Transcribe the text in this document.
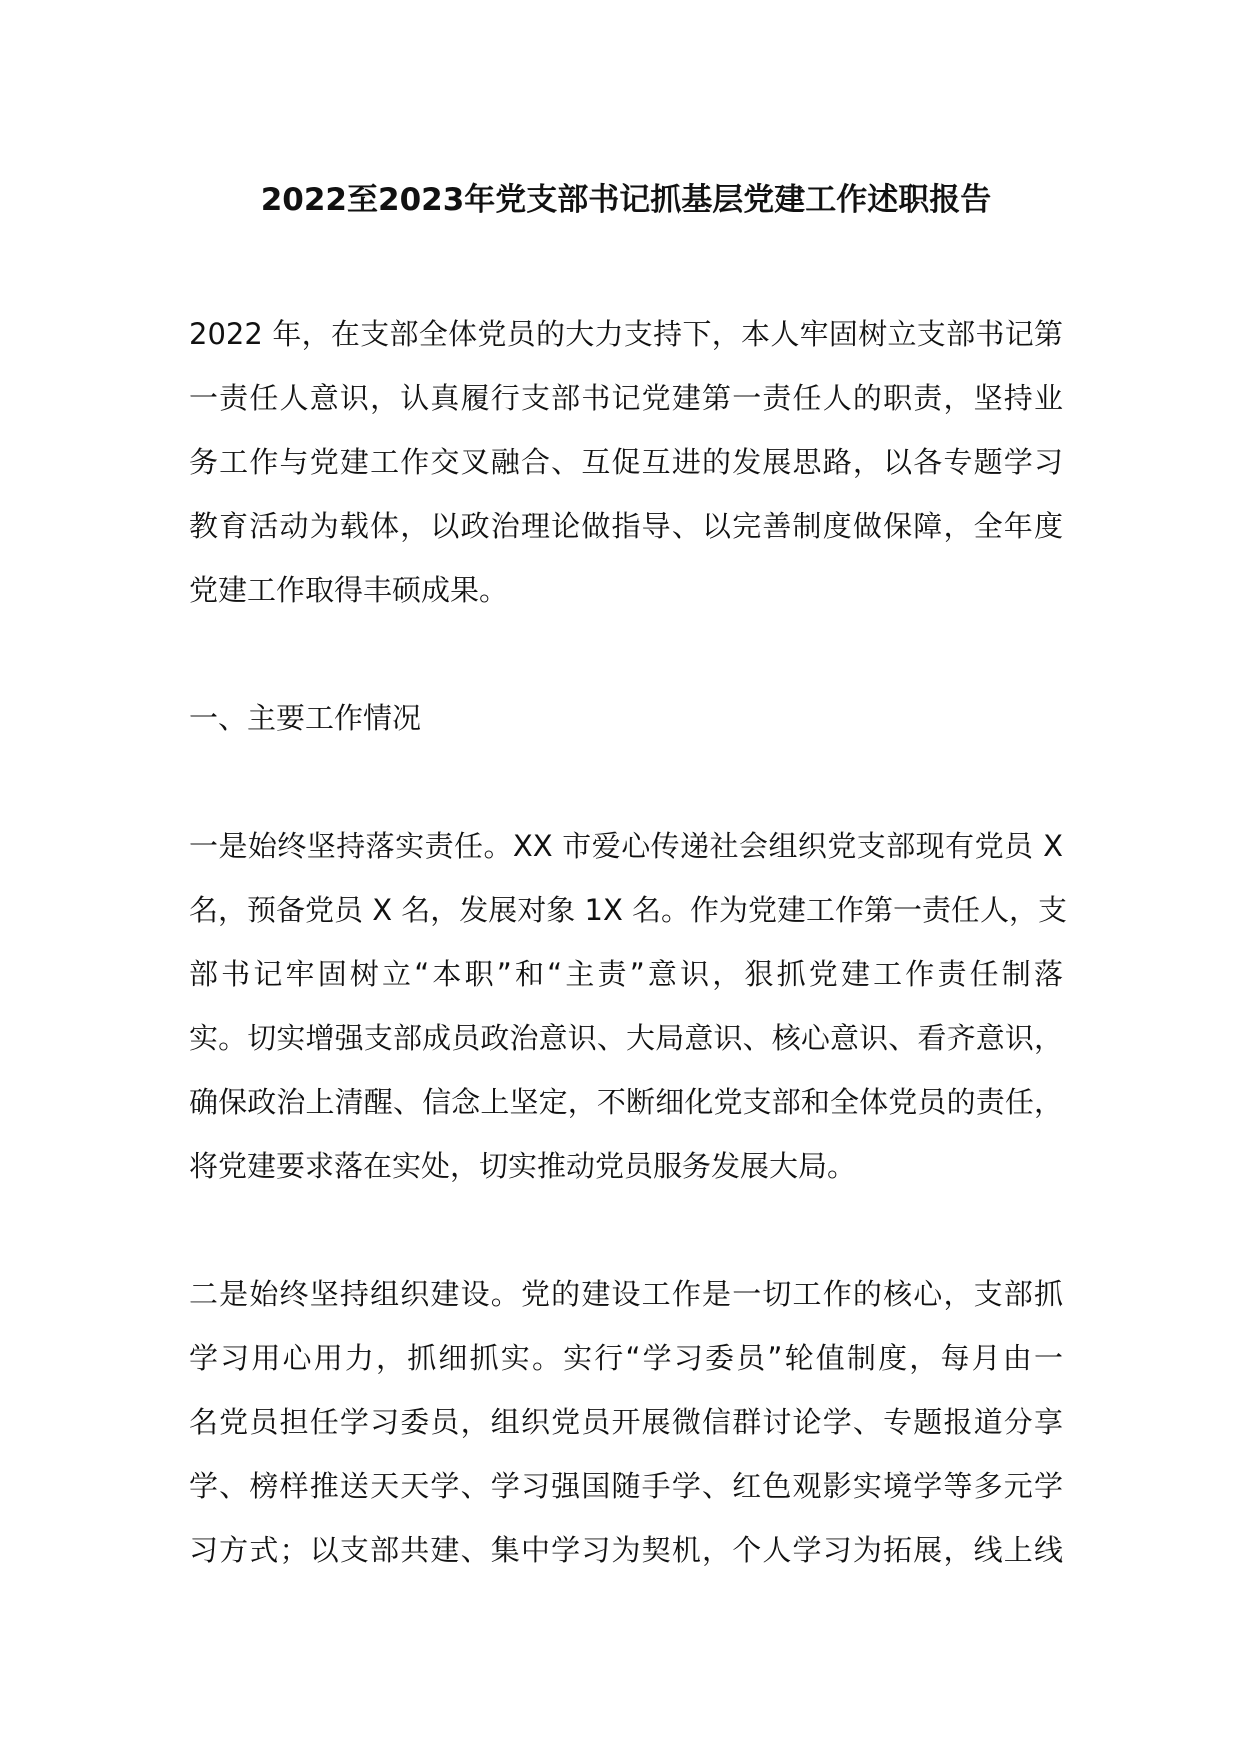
2022至2023年党支部书记抓基层党建工作述职报告
2022 年，在支部全体党员的大力支持下，本人牢固树立支部书记第
一责任人意识，认真履行支部书记党建第一责任人的职责，坚持业
务工作与党建工作交叉融合、互促互进的发展思路，以各专题学习
教育活动为载体，以政治理论做指导、以完善制度做保障，全年度
党建工作取得丰硕成果。
一、主要工作情况
一是始终坚持落实责任。XX 市爱心传递社会组织党支部现有党员 X
名，预备党员 X 名，发展对象 1X 名。作为党建工作第一责任人，支
部书记牢固树立“本职”和“主责”意识，狠抓党建工作责任制落
实。切实增强支部成员政治意识、大局意识、核心意识、看齐意识，
确保政治上清醒、信念上坚定，不断细化党支部和全体党员的责任，
将党建要求落在实处，切实推动党员服务发展大局。
二是始终坚持组织建设。党的建设工作是一切工作的核心，支部抓
学习用心用力，抓细抓实。实行“学习委员”轮值制度，每月由一
名党员担任学习委员，组织党员开展微信群讨论学、专题报道分享
学、榜样推送天天学、学习强国随手学、红色观影实境学等多元学
习方式；以支部共建、集中学习为契机，个人学习为拓展，线上线
